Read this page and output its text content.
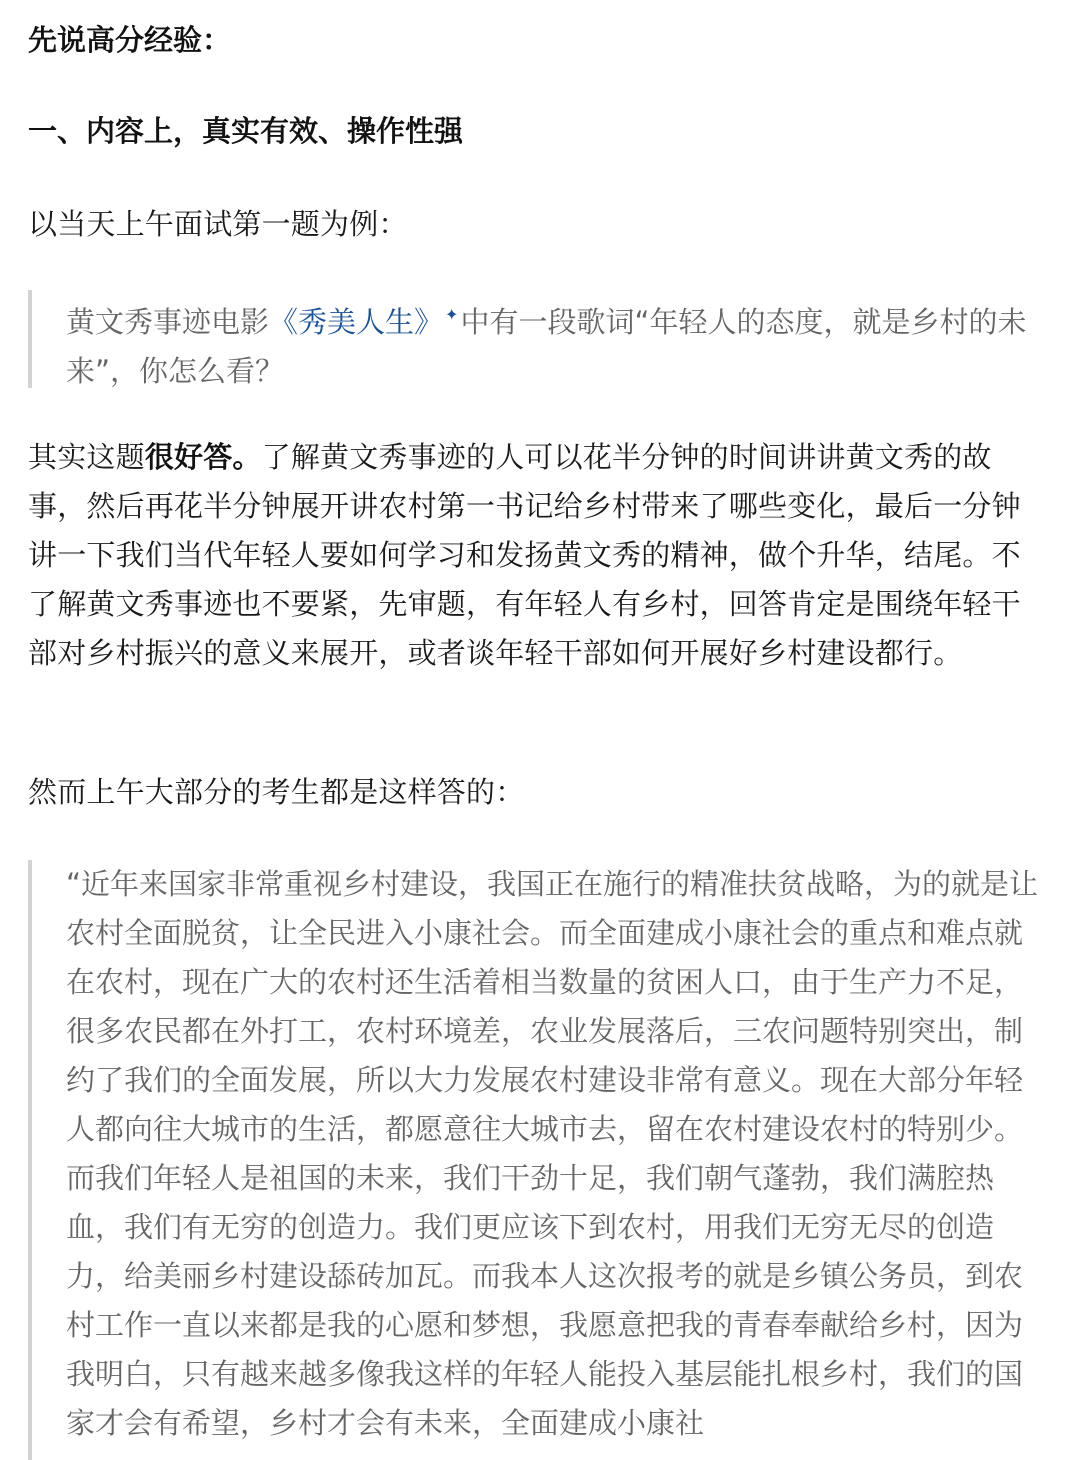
先说高分经验：
一、内容上，真实有效、操作性强

以当天上午面试第一题为例：

黄文秀事迹电影《秀美人生》 ✦中有一段歌词“年轻人的态度，就是乡村的未来”，你怎么看？

其实这题很好答。了解黄文秀事迹的人可以花半分钟的时间讲讲黄文秀的故事，然后再花半分钟展开讲农村第一书记给乡村带来了哪些变化，最后一分钟讲一下我们当代年轻人要如何学习和发扬黄文秀的精神，做个升华，结尾。不了解黄文秀事迹也不要紧，先审题，有年轻人有乡村，回答肯定是围绕年轻干部对乡村振兴的意义来展开，或者谈年轻干部如何开展好乡村建设都行。

然而上午大部分的考生都是这样答的：

“近年来国家非常重视乡村建设，我国正在施行的精准扶贫战略，为的就是让农村全面脱贫，让全民进入小康社会。而全面建成小康社会的重点和难点就在农村，现在广大的农村还生活着相当数量的贫困人口，由于生产力不足，很多农民都在外打工，农村环境差，农业发展落后，三农问题特别突出，制约了我们的全面发展，所以大力发展农村建设非常有意义。现在大部分年轻人都向往大城市的生活，都愿意往大城市去，留在农村建设农村的特别少。而我们年轻人是祖国的未来，我们干劲十足，我们朝气蓬勃，我们满腔热血，我们有无穷的创造力。我们更应该下到农村，用我们无穷无尽的创造力，给美丽乡村建设舔砖加瓦。而我本人这次报考的就是乡镇公务员，到农村工作一直以来都是我的心愿和梦想，我愿意把我的青春奉献给乡村，因为我明白，只有越来越多像我这样的年轻人能投入基层能扎根乡村，我们的国家才会有希望，乡村才会有未来，全面建成小康社
